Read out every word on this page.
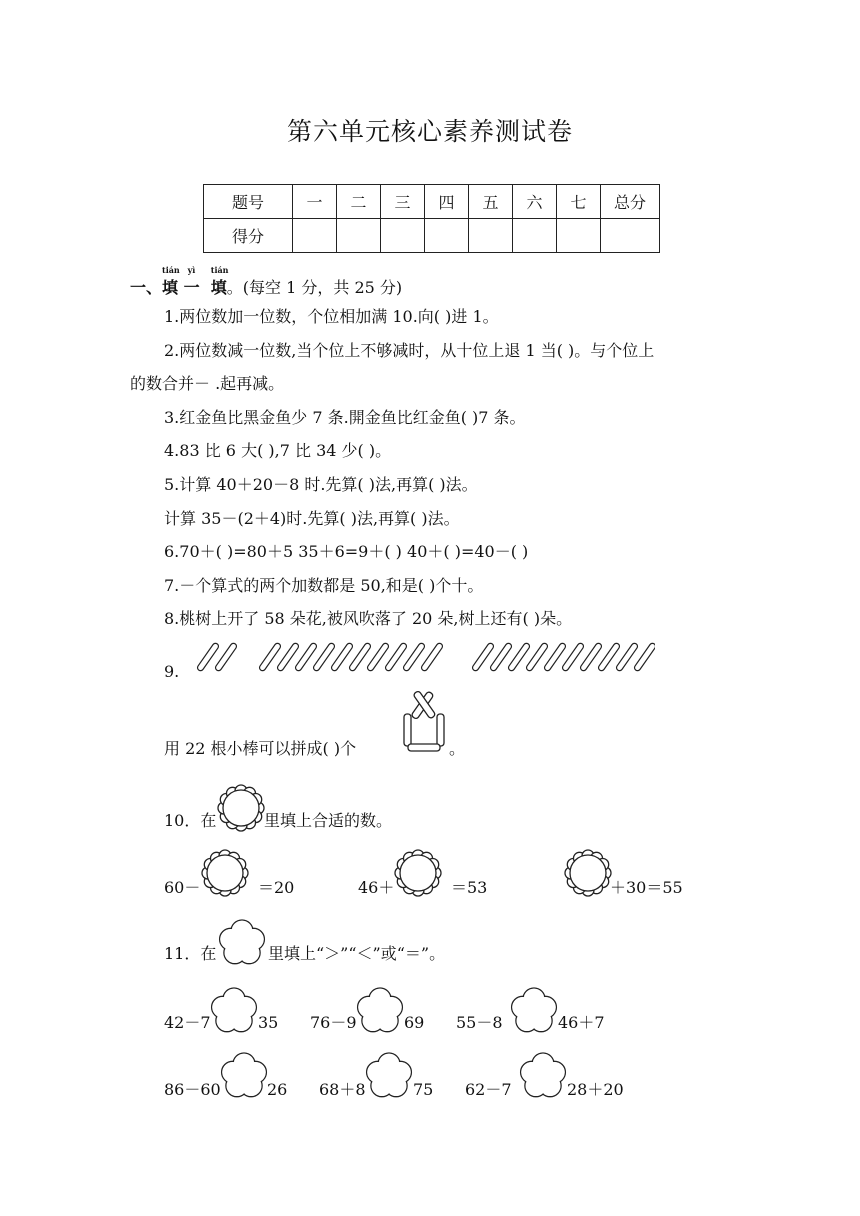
第六单元核心素养测试卷
题号	一	二	三	四	五	六	七	总分
得分								
一、
tián
填
yì
一
tián
填。(每空 1 分，共 25 分)
1.两位数加一位数，个位相加满 10.向( )进 1。
2.两位数减一位数,当个位上不够减时，从十位上退 1 当( )。与个位上
的数合并－ .起再减。
3.红金鱼比黑金鱼少 7 条.開金鱼比红金鱼( )7 条。
4.83 比 6 大( ),7 比 34 少( )。
5.计算 40＋20－8 时.先算( )法,再算( )法。
计算 35－(2＋4)时.先算( )法,再算( )法。
6.70＋( )=80＋5 35＋6=9＋( ) 40＋( )=40－( )
7.－个算式的两个加数都是 50,和是( )个十。
8.桃树上开了 58 朵花,被风吹落了 20 朵,树上还有( )朵。
9.
用 22 根小棒可以拼成( )个	。
10．在	里填上合适的数。
60－	＝20	46＋	＝53	＋30＝55
11．在	里填上“＞”“＜”或“＝”。
42－7	35 76－9	69 55－8	46＋7
86－60	26 68＋8	75 62－7	28＋20
